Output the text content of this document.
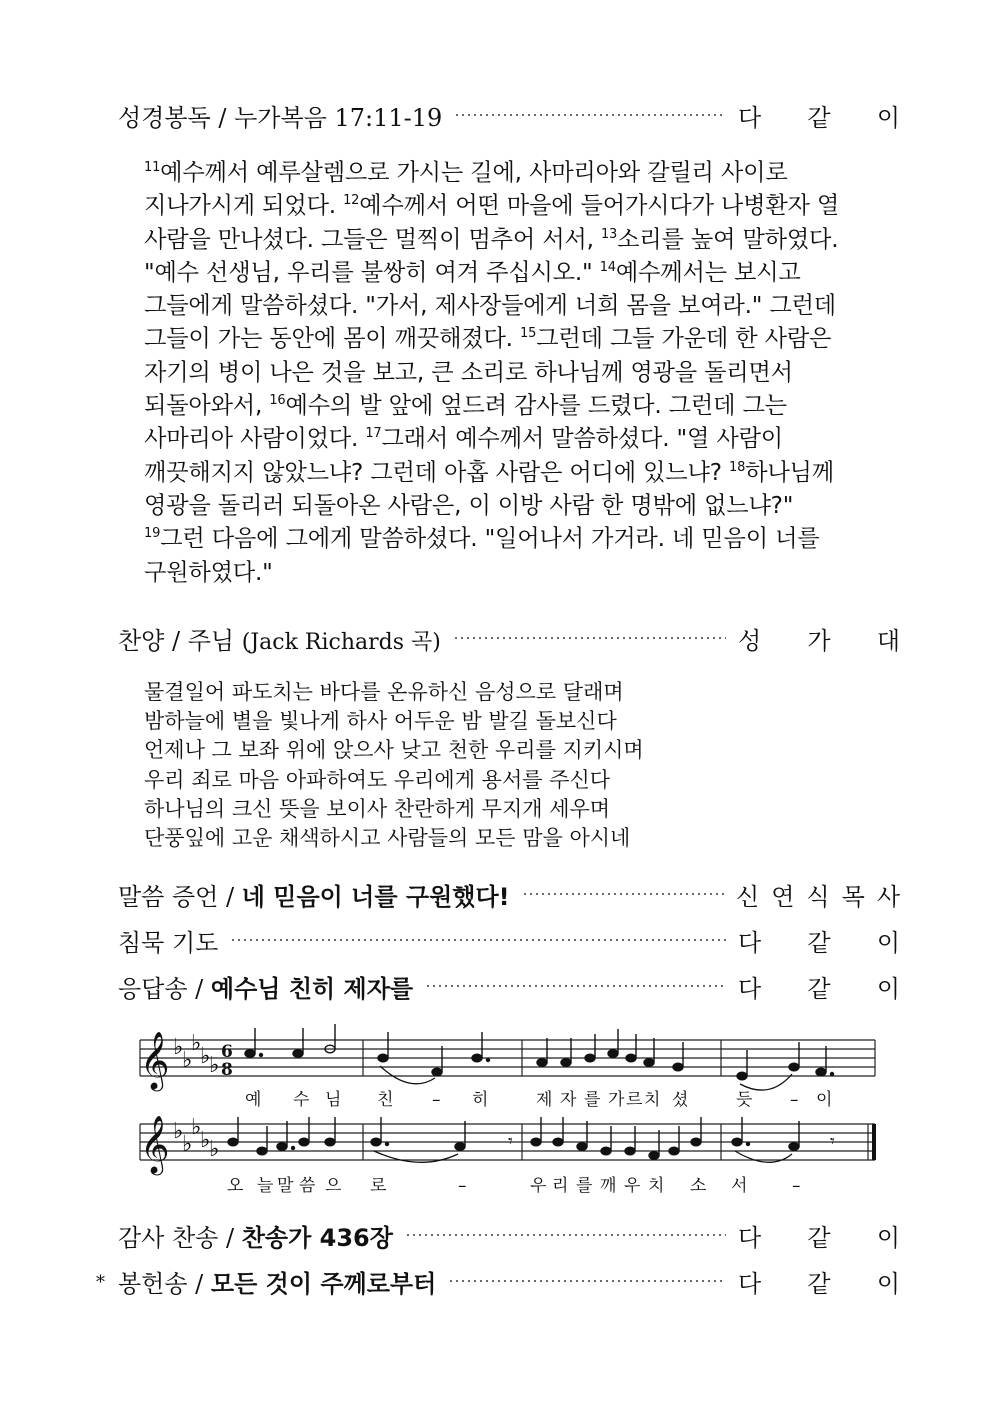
성경봉독 / 누가복음 17:11-19	다 같 이
$^{11}$예수께서 예루살렘으로 가시는 길에, 사마리아와 갈릴리 사이로
지나가시게 되었다. $^{12}$예수께서 어떤 마을에 들어가시다가 나병환자 열
사람을 만나셨다. 그들은 멀찍이 멈추어 서서, $^{13}$소리를 높여 말하였다.
"예수 선생님, 우리를 불쌍히 여겨 주십시오." $^{14}$예수께서는 보시고
그들에게 말씀하셨다. "가서, 제사장들에게 너희 몸을 보여라." 그런데
그들이 가는 동안에 몸이 깨끗해졌다. $^{15}$그런데 그들 가운데 한 사람은
자기의 병이 나은 것을 보고, 큰 소리로 하나님께 영광을 돌리면서
되돌아와서, $^{16}$예수의 발 앞에 엎드려 감사를 드렸다. 그런데 그는
사마리아 사람이었다. $^{17}$그래서 예수께서 말씀하셨다. "열 사람이
깨끗해지지 않았느냐? 그런데 아홉 사람은 어디에 있느냐? $^{18}$하나님께
영광을 돌리러 되돌아온 사람은, 이 이방 사람 한 명밖에 없느냐?"
$^{19}$그런 다음에 그에게 말씀하셨다. "일어나서 가거라. 네 믿음이 너를
구원하였다."
찬양 / 주님 (Jack Richards 곡)	성 가 대
물결일어 파도치는 바다를 온유하신 음성으로 달래며
밤하늘에 별을 빛나게 하사 어두운 밤 발길 돌보신다
언제나 그 보좌 위에 앉으사 낮고 천한 우리를 지키시며
우리 죄로 마음 아파하여도 우리에게 용서를 주신다
하나님의 크신 뜻을 보이사 찬란하게 무지개 세우며
단풍잎에 고운 채색하시고 사람들의 모든 맘을 아시네
말씀 증언 / 네 믿음이 너를 구원했다!	신 연 식 목 사
침묵 기도	다 같 이
응답송 / 예수님 친히 제자를	다 같 이
𝄞 ♭
♭
♭
♭
♭
6
8
예 수 님 친 – 히	제 자 를 가 르 치 셨	듯 – 이
𝄞 ♭
♭
♭
♭
♭	𝄾	𝄾
오 늘 말 씀 으 로	–	우 리 를 깨 우 치 소 서	–
감사 찬송 / 찬송가 436장	다 같 이
* 봉헌송 / 모든 것이 주께로부터	다 같 이
